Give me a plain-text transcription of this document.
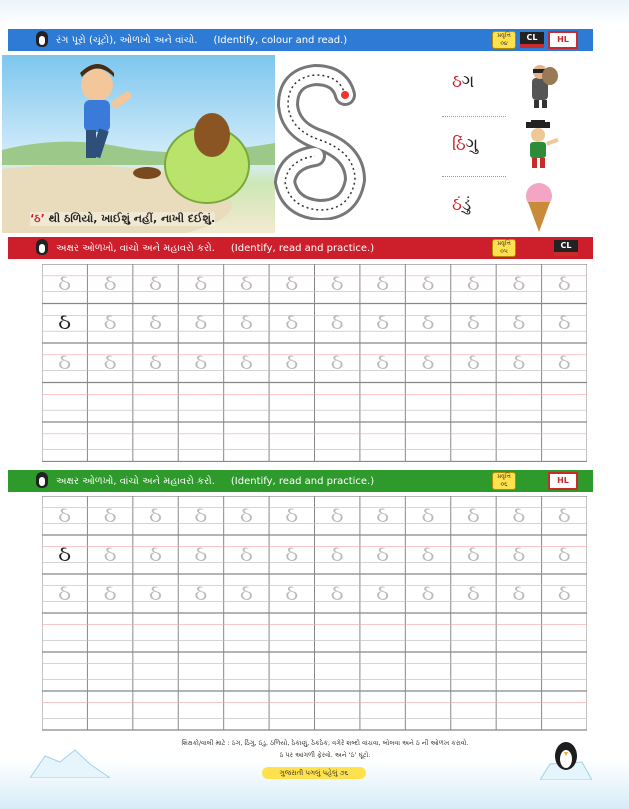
રંગ પૂરો (ચૂંટો), ઓળખો અને વાંચો. (Identify, colour and read.)	પ્રવૃત્તિ ૦૪
CL	HL
‘ઠ’ થી ઠળિયો, ખાઈશું નહીં, નાખી દઈશું.
ઠગ
ઠિંગુ
ઠંડું
અક્ષર ઓળખો, વાંચો અને મહાવરો કરો. (Identify, read and practice.)	પ્રવૃત્તિ ૦૫
CL
ઠ	ઠ	ઠ	ઠ	ઠ	ઠ	ઠ	ઠ	ઠ	ઠ	ઠ	ઠ
ઠ	ઠ	ઠ	ઠ	ઠ	ઠ	ઠ	ઠ	ઠ	ઠ	ઠ	ઠ
ઠ	ઠ	ઠ	ઠ	ઠ	ઠ	ઠ	ઠ	ઠ	ઠ	ઠ	ઠ
અક્ષર ઓળખો, વાંચો અને મહાવરો કરો. (Identify, read and practice.)	પ્રવૃત્તિ ૦૬	HL
ઠ	ઠ	ઠ	ઠ	ઠ	ઠ	ઠ	ઠ	ઠ	ઠ	ઠ	ઠ
ઠ	ઠ	ઠ	ઠ	ઠ	ઠ	ઠ	ઠ	ઠ	ઠ	ઠ	ઠ
ઠ	ઠ	ઠ	ઠ	ઠ	ઠ	ઠ	ઠ	ઠ	ઠ	ઠ	ઠ
શિક્ષકો/વાલી માટે : ઠગ, ઠિંગુ, ઠંડુ, ઠળિયો, ઠેકાણું, ઠેકઠેક, વગેરે શબ્દો વાંચવા, બોલવા અને ઠ ની ઓળખ કરાવો.
ઠ પર આંગળી ફેરવો. અને ‘ઠ’ ઘૂંટો.
ગુજરાતી પગલું પહેલું ૭૬
